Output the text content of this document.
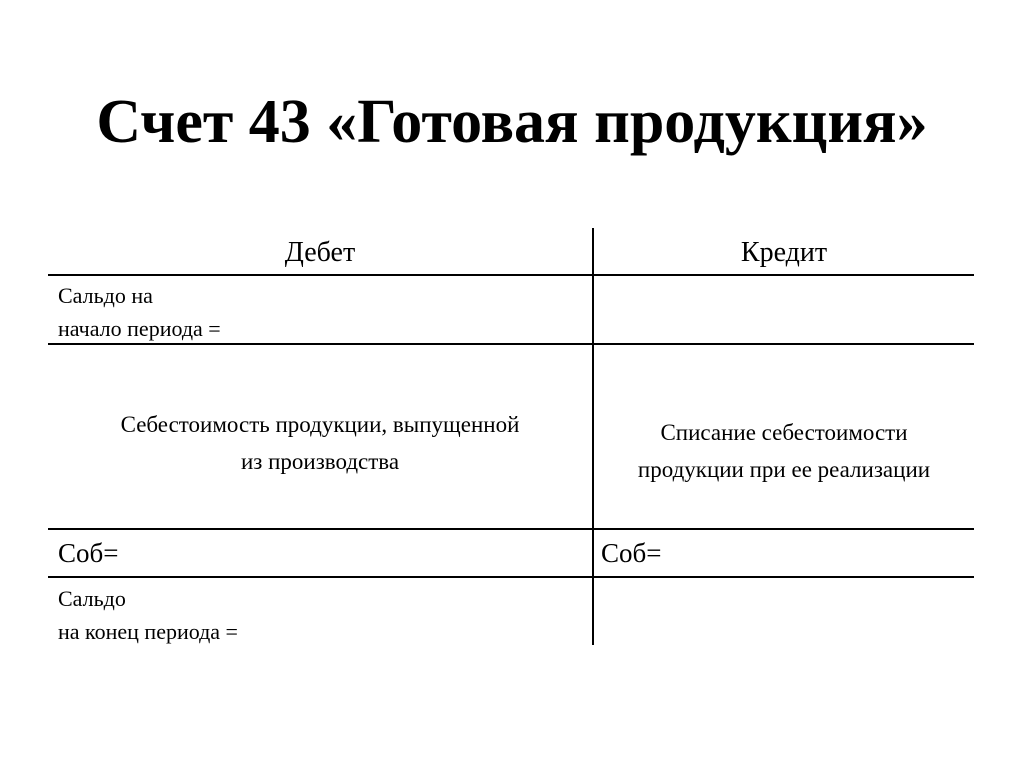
Счет 43 «Готовая продукция»
Дебет	Кредит
Сальдо на
начало периода =
Себестоимость продукции, выпущенной
из производства
Списание себестоимости
продукции при ее реализации
Соб=	Соб=
Сальдо
на конец периода =
